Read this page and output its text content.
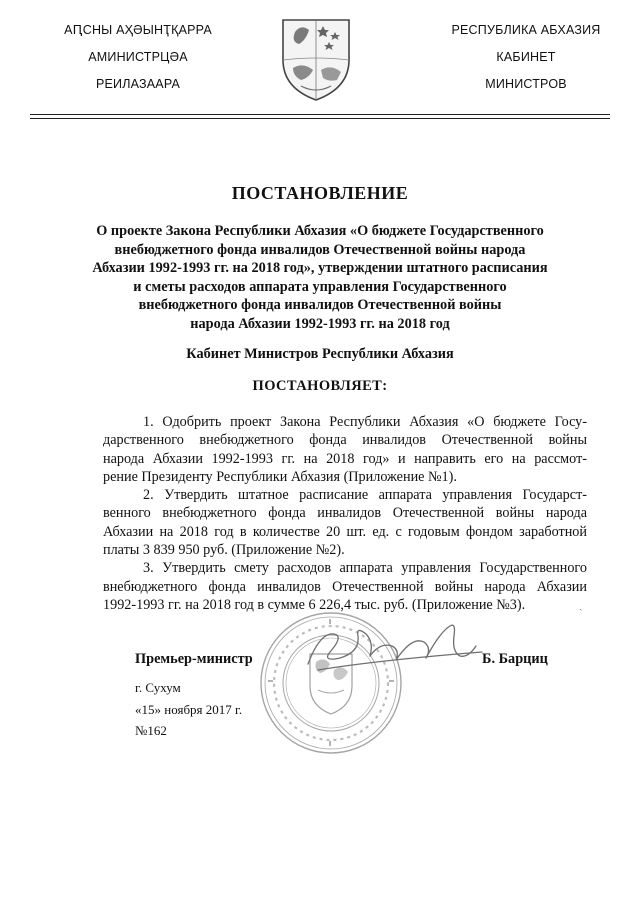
АԤСНЫ АҲӘЫНҬҚАРРА
АМИНИСТРЦӘА
РЕИЛАЗААРА
РЕСПУБЛИКА АБХАЗИЯ
КАБИНЕТ
МИНИСТРОВ
ПОСТАНОВЛЕНИЕ
О проекте Закона Республики Абхазия «О бюджете Государственного
внебюджетного фонда инвалидов Отечественной войны народа
Абхазии 1992-1993 гг. на 2018 год», утверждении штатного расписания
и сметы расходов аппарата управления Государственного
внебюджетного фонда инвалидов Отечественной войны
народа Абхазии 1992-1993 гг. на 2018 год
Кабинет Министров Республики Абхазия
ПОСТАНОВЛЯЕТ:

1. Одобрить проект Закона Республики Абхазия «О бюджете Госу-
дарственного внебюджетного фонда инвалидов Отечественной войны
народа Абхазии 1992-1993 гг. на 2018 год» и направить его на рассмот-
рение Президенту Республики Абхазия (Приложение №1).

2. Утвердить штатное расписание аппарата управления Государст-
венного внебюджетного фонда инвалидов Отечественной войны народа
Абхазии на 2018 год в количестве 20 шт. ед. с годовым фондом заработной
платы 3 839 950 руб. (Приложение №2).

3. Утвердить смету расходов аппарата управления Государственного
внебюджетного фонда инвалидов Отечественной войны народа Абхазии
1992-1993 гг. на 2018 год в сумме 6 226,4 тыс. руб. (Приложение №3).	ˎ
Премьер-министр	Б. Барциц
г. Сухум
«15» ноября 2017 г.
№162
